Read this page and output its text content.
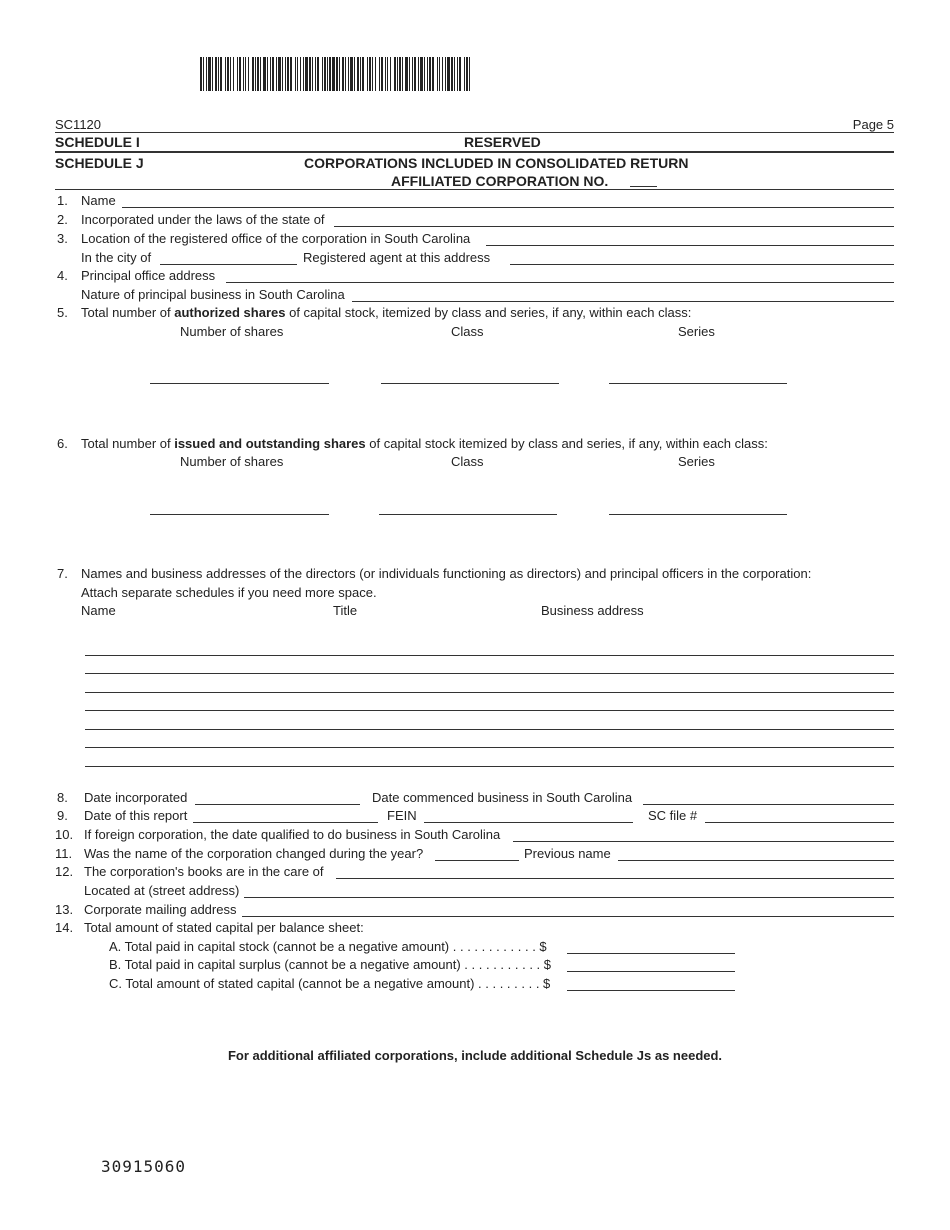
SC1120	Page 5
SCHEDULE I	RESERVED
SCHEDULE J	CORPORATIONS INCLUDED IN CONSOLIDATED RETURN
AFFILIATED CORPORATION NO.
1. Name
2. Incorporated under the laws of the state of
3. Location of the registered office of the corporation in South Carolina
In the city of	Registered agent at this address
4. Principal office address
Nature of principal business in South Carolina
5. Total number of authorized shares of capital stock, itemized by class and series, if any, within each class:
Number of shares	Class	Series
6. Total number of issued and outstanding shares of capital stock itemized by class and series, if any, within each class:
Number of shares	Class	Series
7. Names and business addresses of the directors (or individuals functioning as directors) and principal officers in the corporation:
Attach separate schedules if you need more space.
Name	Title	Business address
8. Date incorporated	Date commenced business in South Carolina
9. Date of this report	FEIN	SC file #
10. If foreign corporation, the date qualified to do business in South Carolina
11. Was the name of the corporation changed during the year?	Previous name
12. The corporation's books are in the care of
Located at (street address)
13. Corporate mailing address
14. Total amount of stated capital per balance sheet:
A. Total paid in capital stock (cannot be a negative amount) . . . . . . . . . . . . $
B. Total paid in capital surplus (cannot be a negative amount) . . . . . . . . . . . $
C. Total amount of stated capital (cannot be a negative amount) . . . . . . . . . $
For additional affiliated corporations, include additional Schedule Js as needed.
30915060
